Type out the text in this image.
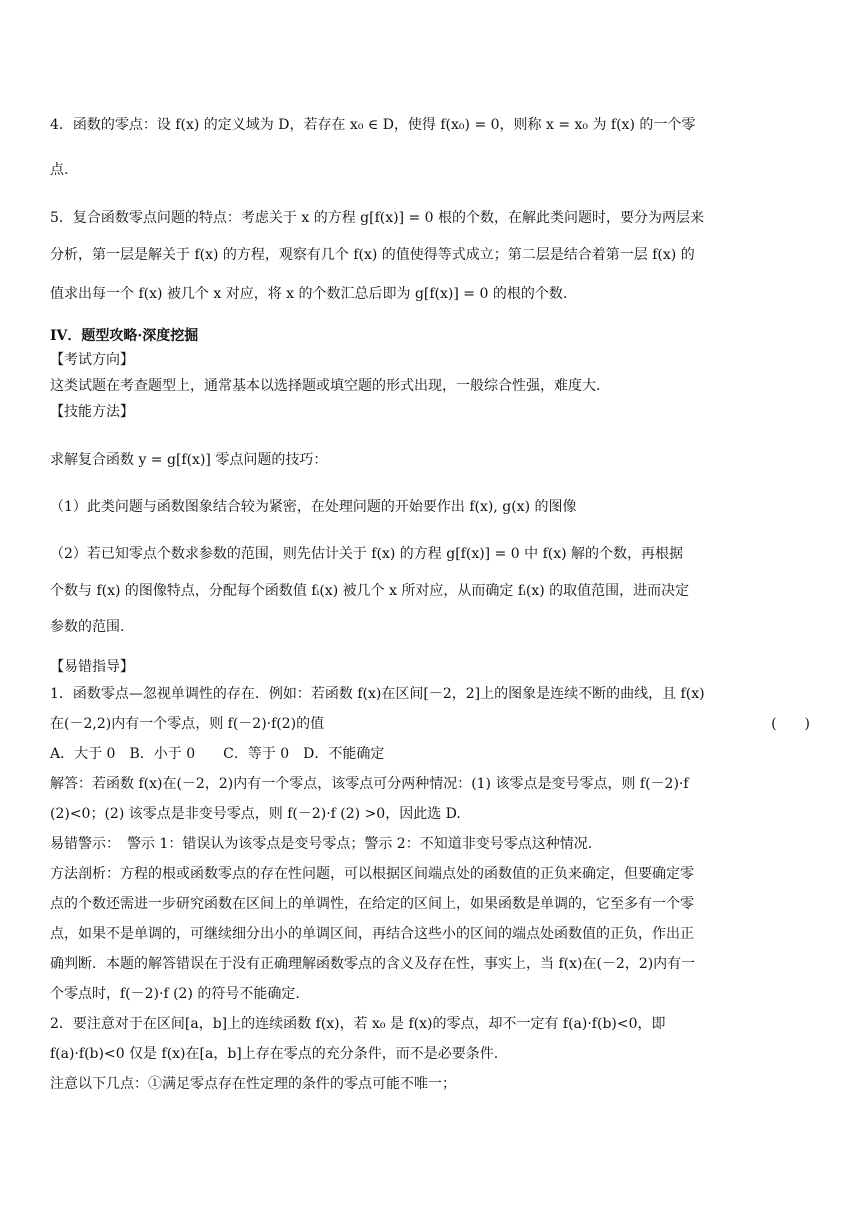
4．函数的零点：设 f(x) 的定义域为 D，若存在 x₀ ∈ D，使得 f(x₀) = 0，则称 x = x₀ 为 f(x) 的一个零
点.
5．复合函数零点问题的特点：考虑关于 x 的方程 g[f(x)] = 0 根的个数，在解此类问题时，要分为两层来
分析，第一层是解关于 f(x) 的方程，观察有几个 f(x) 的值使得等式成立；第二层是结合着第一层 f(x) 的
值求出每一个 f(x) 被几个 x 对应，将 x 的个数汇总后即为 g[f(x)] = 0 的根的个数.
IV．题型攻略·深度挖掘
【考试方向】
这类试题在考查题型上，通常基本以选择题或填空题的形式出现，一般综合性强，难度大.
【技能方法】
求解复合函数 y = g[f(x)] 零点问题的技巧：
（1）此类问题与函数图象结合较为紧密，在处理问题的开始要作出 f(x), g(x) 的图像
（2）若已知零点个数求参数的范围，则先估计关于 f(x) 的方程 g[f(x)] = 0 中 f(x) 解的个数，再根据
个数与 f(x) 的图像特点，分配每个函数值 fᵢ(x) 被几个 x 所对应，从而确定 fᵢ(x) 的取值范围，进而决定
参数的范围.
【易错指导】
1．函数零点—忽视单调性的存在．例如：若函数 f(x)在区间[－2，2]上的图象是连续不断的曲线，且 f(x)
在(－2,2)内有一个零点，则 f(－2)·f(2)的值	(　　)
A．大于 0　B．小于 0　　C．等于 0　D．不能确定
解答：若函数 f(x)在(－2，2)内有一个零点，该零点可分两种情况：(1) 该零点是变号零点，则 f(－2)·f
(2)<0；(2) 该零点是非变号零点，则 f(－2)·f (2) >0，因此选 D.
易错警示：　警示 1：错误认为该零点是变号零点；警示 2：不知道非变号零点这种情况.
方法剖析：方程的根或函数零点的存在性问题，可以根据区间端点处的函数值的正负来确定，但要确定零
点的个数还需进一步研究函数在区间上的单调性，在给定的区间上，如果函数是单调的，它至多有一个零
点，如果不是单调的，可继续细分出小的单调区间，再结合这些小的区间的端点处函数值的正负，作出正
确判断．本题的解答错误在于没有正确理解函数零点的含义及存在性，事实上，当 f(x)在(－2，2)内有一
个零点时，f(－2)·f (2) 的符号不能确定.
2．要注意对于在区间[a，b]上的连续函数 f(x)，若 x₀ 是 f(x)的零点，却不一定有 f(a)·f(b)<0，即
f(a)·f(b)<0 仅是 f(x)在[a，b]上存在零点的充分条件，而不是必要条件.
注意以下几点：①满足零点存在性定理的条件的零点可能不唯一；
